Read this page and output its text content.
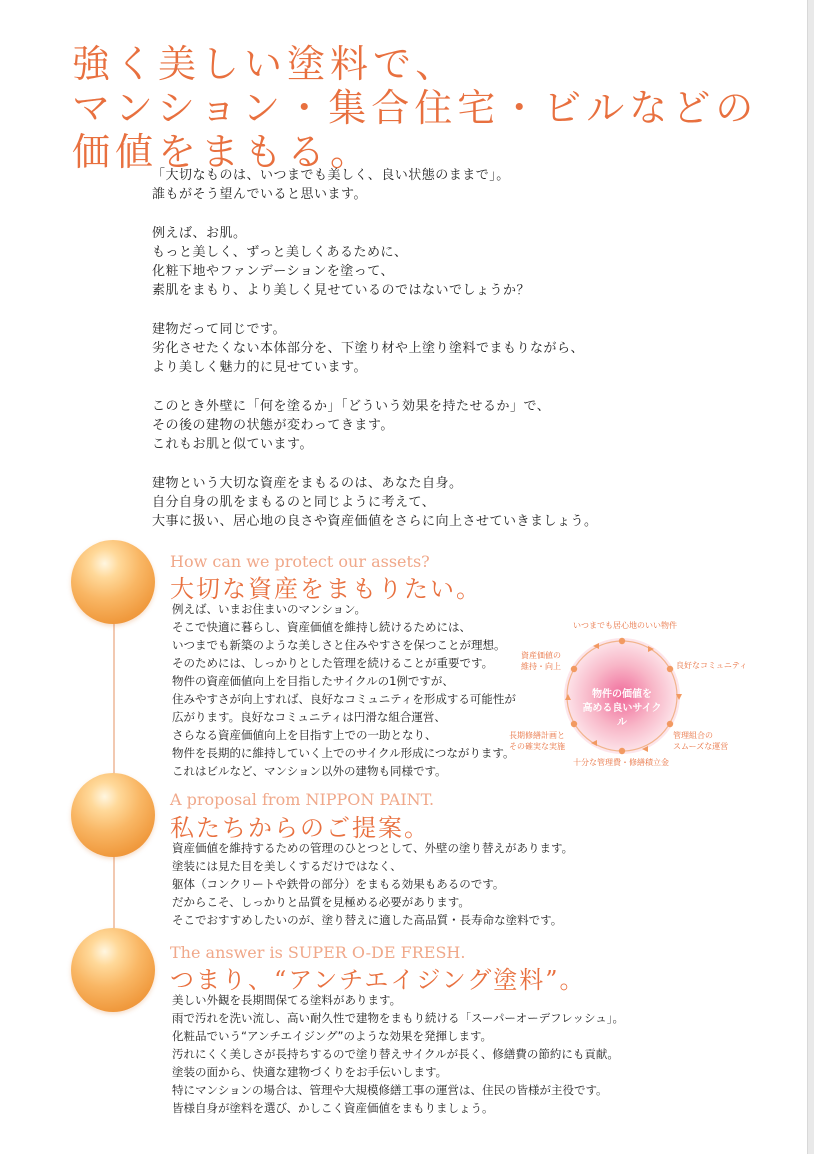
強く美しい塗料で、
マンション・集合住宅・ビルなどの
価値をまもる。

「大切なものは、いつまでも美しく、良い状態のままで」。
誰もがそう望んでいると思います。

例えば、お肌。
もっと美しく、ずっと美しくあるために、
化粧下地やファンデーションを塗って、
素肌をまもり、より美しく見せているのではないでしょうか？

建物だって同じです。
劣化させたくない本体部分を、下塗り材や上塗り塗料でまもりながら、
より美しく魅力的に見せています。

このとき外壁に「何を塗るか」「どういう効果を持たせるか」で、
その後の建物の状態が変わってきます。
これもお肌と似ています。

建物という大切な資産をまもるのは、あなた自身。
自分自身の肌をまもるのと同じように考えて、
大事に扱い、居心地の良さや資産価値をさらに向上させていきましょう。

How can we protect our assets?
大切な資産をまもりたい。
例えば、いまお住まいのマンション。
そこで快適に暮らし、資産価値を維持し続けるためには、
いつまでも新築のような美しさと住みやすさを保つことが理想。
そのためには、しっかりとした管理を続けることが重要です。
物件の資産価値向上を目指したサイクルの1例ですが、
住みやすさが向上すれば、良好なコミュニティを形成する可能性が
広がります。良好なコミュニティは円滑な組合運営、
さらなる資産価値向上を目指す上での一助となり、
物件を長期的に維持していく上でのサイクル形成につながります。
これはビルなど、マンション以外の建物も同様です。
物件の価値を
高める良いサイクル
いつまでも居心地のいい物件
良好なコミュニティ
管理組合の
スムーズな運営
十分な管理費・修繕積立金
長期修繕計画と
その確実な実施
資産価値の
維持・向上
A proposal from NIPPON PAINT.
私たちからのご提案。
資産価値を維持するための管理のひとつとして、外壁の塗り替えがあります。
塗装には見た目を美しくするだけではなく、
躯体（コンクリートや鉄骨の部分）をまもる効果もあるのです。
だからこそ、しっかりと品質を見極める必要があります。
そこでおすすめしたいのが、塗り替えに適した高品質・長寿命な塗料です。
The answer is SUPER O-DE FRESH.
つまり、“アンチエイジング塗料”。
美しい外観を長期間保てる塗料があります。
雨で汚れを洗い流し、高い耐久性で建物をまもり続ける「スーパーオーデフレッシュ」。
化粧品でいう“アンチエイジング”のような効果を発揮します。
汚れにくく美しさが長持ちするので塗り替えサイクルが長く、修繕費の節約にも貢献。
塗装の面から、快適な建物づくりをお手伝いします。
特にマンションの場合は、管理や大規模修繕工事の運営は、住民の皆様が主役です。
皆様自身が塗料を選び、かしこく資産価値をまもりましょう。
